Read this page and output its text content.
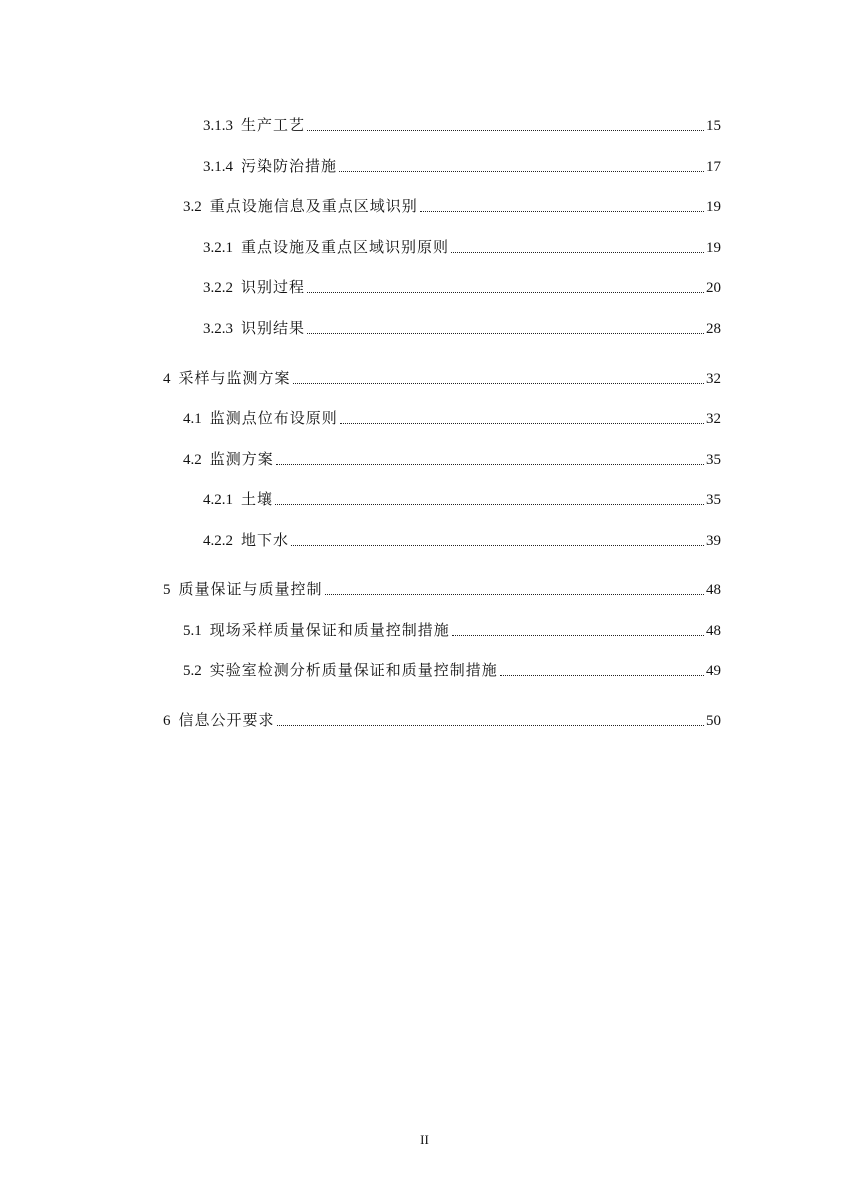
3.1.3 生产工艺	15
3.1.4 污染防治措施	17
3.2 重点设施信息及重点区域识别	19
3.2.1 重点设施及重点区域识别原则	19
3.2.2 识别过程	20
3.2.3 识别结果	28
4 采样与监测方案	32
4.1 监测点位布设原则	32
4.2 监测方案	35
4.2.1 土壤	35
4.2.2 地下水	39
5 质量保证与质量控制	48
5.1 现场采样质量保证和质量控制措施	48
5.2 实验室检测分析质量保证和质量控制措施	49
6 信息公开要求	50
II
